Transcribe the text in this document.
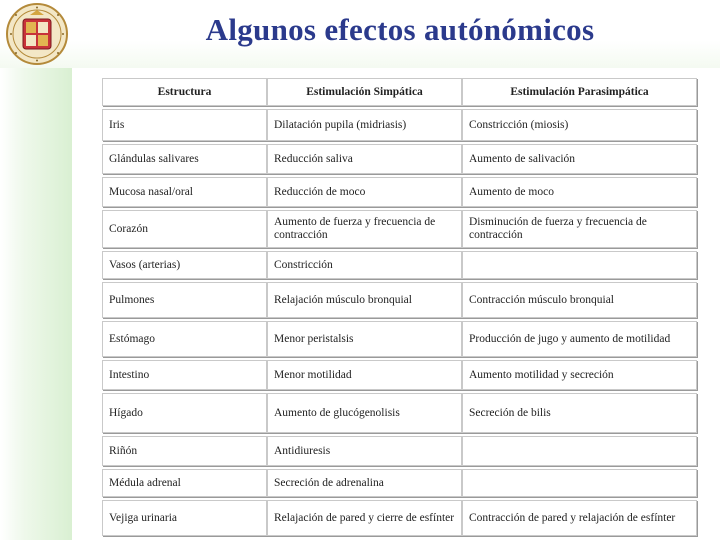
Algunos efectos autónómicos
Estructura	Estimulación Simpática	Estimulación Parasimpática

Iris	Dilatación pupila (midriasis)	Constricción (miosis)

Glándulas salivares	Reducción saliva	Aumento de salivación

Mucosa nasal/oral	Reducción de moco	Aumento de moco

Corazón	Aumento de fuerza y frecuencia de contracción	Disminución de fuerza y frecuencia de contracción

Vasos (arterias)	Constricción	

Pulmones	Relajación músculo bronquial	Contracción músculo bronquial

Estómago	Menor peristalsis	Producción de jugo y aumento de motilidad

Intestino	Menor motilidad	Aumento motilidad y secreción

Hígado	Aumento de glucógenolisis	Secreción de bilis

Riñón	Antidiuresis	

Médula adrenal	Secreción de adrenalina	

Vejiga urinaria	Relajación de pared y cierre de esfínter	Contracción de pared y relajación de esfínter
